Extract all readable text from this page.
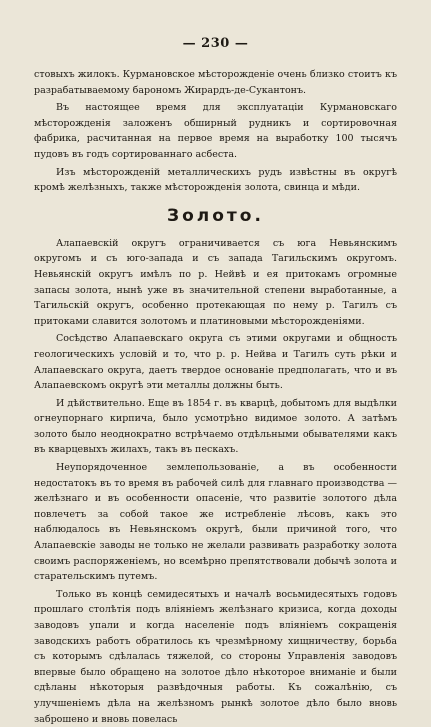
— 230 —

стовыхъ жилокъ. Курмановское мѣсторожденіе очень близко стоитъ къ разрабатываемому барономъ Жирардъ-де-Сукантонъ.

Въ настоящее время для эксплуатаціи Курмановскаго мѣсторожденія заложенъ обширный рудникъ и сортировочная фабрика, расчитанная на первое время на выработку 100 тысячъ пудовъ въ годъ сортированнаго асбеста.

Изъ мѣсторожденій металлическихъ рудъ извѣстны въ округѣ кромѣ желѣзныхъ, также мѣсторожденія золота, свинца и мѣди.

Золото.

Алапаевскій округъ ограничивается съ юга Невьянскимъ округомъ и съ юго-запада и съ запада Тагильскимъ округомъ. Невьянскій округъ имѣлъ по р. Нейвѣ и ея притокамъ огромные запасы золота, нынѣ уже въ значительной степени выработанные, а Тагильскій округъ, особенно протекающая по нему р. Тагилъ съ притоками славится золотомъ и платиновыми мѣсторожденіями.

Сосѣдство Алапаевскаго округа съ этими округами и общность геологическихъ условій и то, что р. р. Нейва и Тагилъ суть рѣки и Алапаевскаго округа, даетъ твердое основаніе предполагать, что и въ Алапаевскомъ округѣ эти металлы должны быть.

И дѣйствительно. Еще въ 1854 г. въ кварцѣ, добытомъ для выдѣлки огнеупорнаго кирпича, было усмотрѣно видимое золото. А затѣмъ золото было неоднократно встрѣчаемо отдѣльными обывателями какъ въ кварцевыхъ жилахъ, такъ въ пескахъ.

Неупорядоченное землепользованіе, а въ особенности недостатокъ въ то время въ рабочей силѣ для главнаго производства — желѣзнаго и въ особенности опасеніе, что развитіе золотого дѣла повлечетъ за собой такое же истребленіе лѣсовъ, какъ это наблюдалось въ Невьянскомъ округѣ, были причиной того, что Алапаевскіе заводы не только не желали развивать разработку золота своимъ распоряженіемъ, но всемѣрно препятствовали добычѣ золота и старательскимъ путемъ.

Только въ концѣ семидесятыхъ и началѣ восьмидесятыхъ годовъ прошлаго столѣтія подъ вліяніемъ желѣзнаго кризиса, когда доходы заводовъ упали и когда населеніе подъ вліяніемъ сокращенія заводскихъ работъ обратилось къ чрезмѣрному хищничеству, борьба съ которымъ сдѣлалась тяжелой, со стороны Управленія заводовъ впервые было обращено на золотое дѣло нѣкоторое вниманіе и были сдѣланы нѣкоторыя развѣдочныя работы. Къ сожалѣнію, съ улучшеніемъ дѣла на желѣзномъ рынкѣ золотое дѣло было вновь заброшено и вновь повелась
